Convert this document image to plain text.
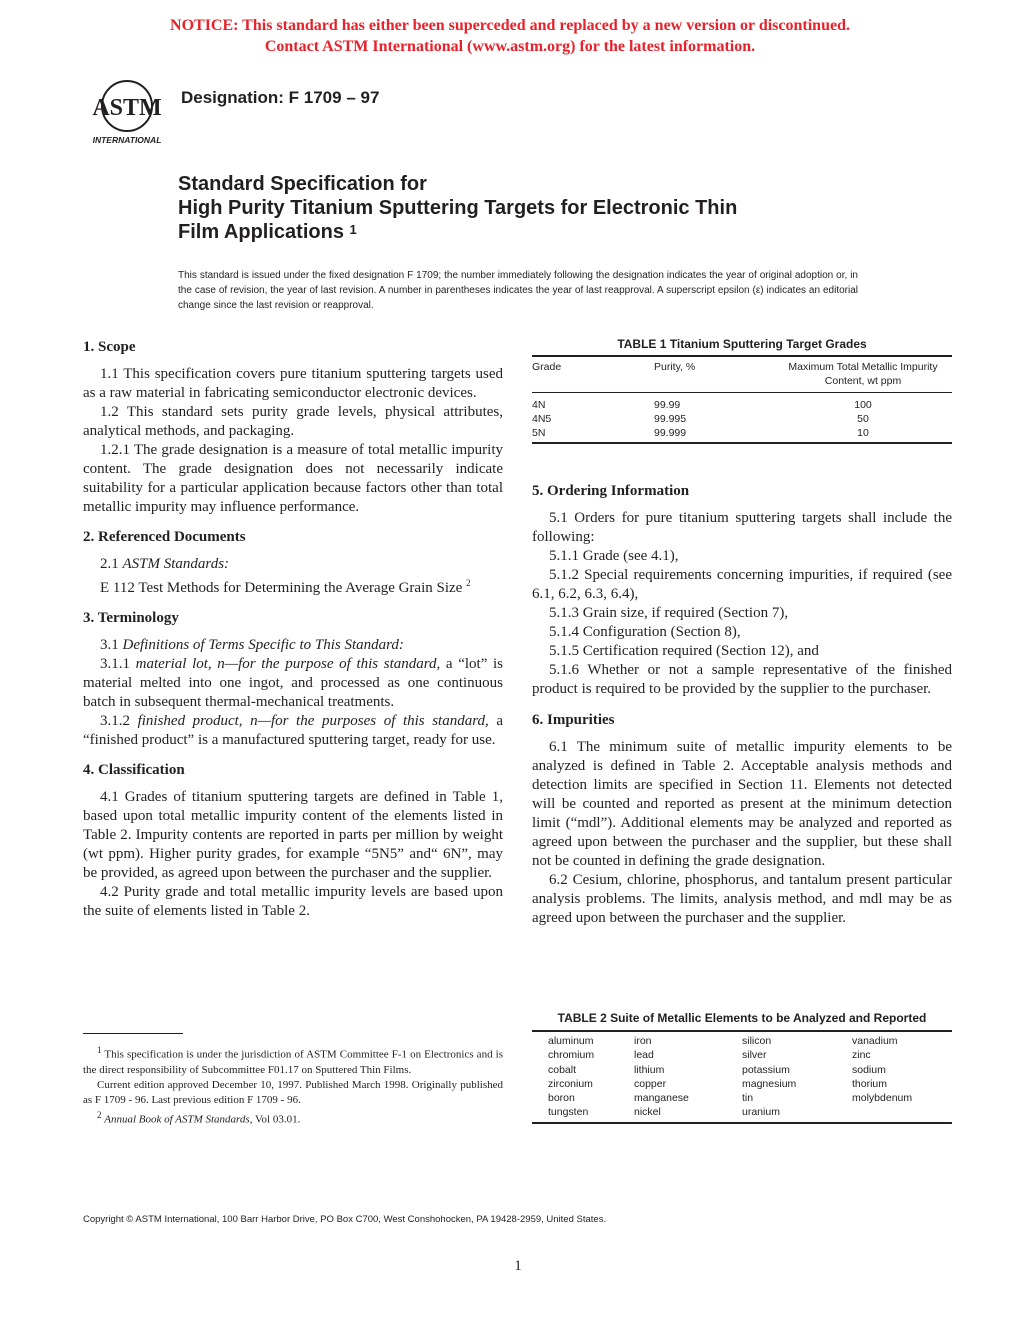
NOTICE: This standard has either been superceded and replaced by a new version or discontinued.
Contact ASTM International (www.astm.org) for the latest information.
ASTM
INTERNATIONAL
Designation: F 1709 – 97
Standard Specification for
High Purity Titanium Sputtering Targets for Electronic Thin
Film Applications $^1$
This standard is issued under the fixed designation F 1709; the number immediately following the designation indicates the year of original adoption or, in the case of revision, the year of last revision. A number in parentheses indicates the year of last reapproval. A superscript epsilon (ε) indicates an editorial change since the last revision or reapproval.
1. Scope

1.1 This specification covers pure titanium sputtering targets used as a raw material in fabricating semiconductor electronic devices.

1.2 This standard sets purity grade levels, physical attributes, analytical methods, and packaging.

1.2.1 The grade designation is a measure of total metallic impurity content. The grade designation does not necessarily indicate suitability for a particular application because factors other than total metallic impurity may influence performance.

2. Referenced Documents

2.1 ASTM Standards:

E 112 Test Methods for Determining the Average Grain Size $^2$

3. Terminology

3.1 Definitions of Terms Specific to This Standard:

3.1.1 material lot, n—for the purpose of this standard, a “lot” is material melted into one ingot, and processed as one continuous batch in subsequent thermal-mechanical treatments.

3.1.2 finished product, n—for the purposes of this standard, a “finished product” is a manufactured sputtering target, ready for use.

4. Classification

4.1 Grades of titanium sputtering targets are defined in Table 1, based upon total metallic impurity content of the elements listed in Table 2. Impurity contents are reported in parts per million by weight (wt ppm). Higher purity grades, for example “5N5” and“ 6N”, may be provided, as agreed upon between the purchaser and the supplier.

4.2 Purity grade and total metallic impurity levels are based upon the suite of elements listed in Table 2.

$^1$ This specification is under the jurisdiction of ASTM Committee F-1 on Electronics and is the direct responsibility of Subcommittee F01.17 on Sputtered Thin Films.

Current edition approved December 10, 1997. Published March 1998. Originally published as F 1709 - 96. Last previous edition F 1709 - 96.

$^2$ Annual Book of ASTM Standards, Vol 03.01.

TABLE 1 Titanium Sputtering Target Grades
Grade	Purity, %	Maximum Total Metallic Impurity
Content, wt ppm

4N	99.99	100
4N5	99.995	50
5N	99.999	10
5. Ordering Information

5.1 Orders for pure titanium sputtering targets shall include the following:

5.1.1 Grade (see 4.1),

5.1.2 Special requirements concerning impurities, if required (see 6.1, 6.2, 6.3, 6.4),

5.1.3 Grain size, if required (Section 7),

5.1.4 Configuration (Section 8),

5.1.5 Certification required (Section 12), and

5.1.6 Whether or not a sample representative of the finished product is required to be provided by the supplier to the purchaser.

6. Impurities

6.1 The minimum suite of metallic impurity elements to be analyzed is defined in Table 2. Acceptable analysis methods and detection limits are specified in Section 11. Elements not detected will be counted and reported as present at the minimum detection limit (“mdl”). Additional elements may be analyzed and reported as agreed upon between the purchaser and the supplier, but these shall not be counted in defining the grade designation.

6.2 Cesium, chlorine, phosphorus, and tantalum present particular analysis problems. The limits, analysis method, and mdl may be as agreed upon between the purchaser and the supplier.

TABLE 2 Suite of Metallic Elements to be Analyzed and Reported
aluminum	iron	silicon	vanadium
chromium	lead	silver	zinc
cobalt	lithium	potassium	sodium
zirconium	copper	magnesium	thorium
boron	manganese	tin	molybdenum
tungsten	nickel	uranium	
Copyright © ASTM International, 100 Barr Harbor Drive, PO Box C700, West Conshohocken, PA 19428-2959, United States.
1
